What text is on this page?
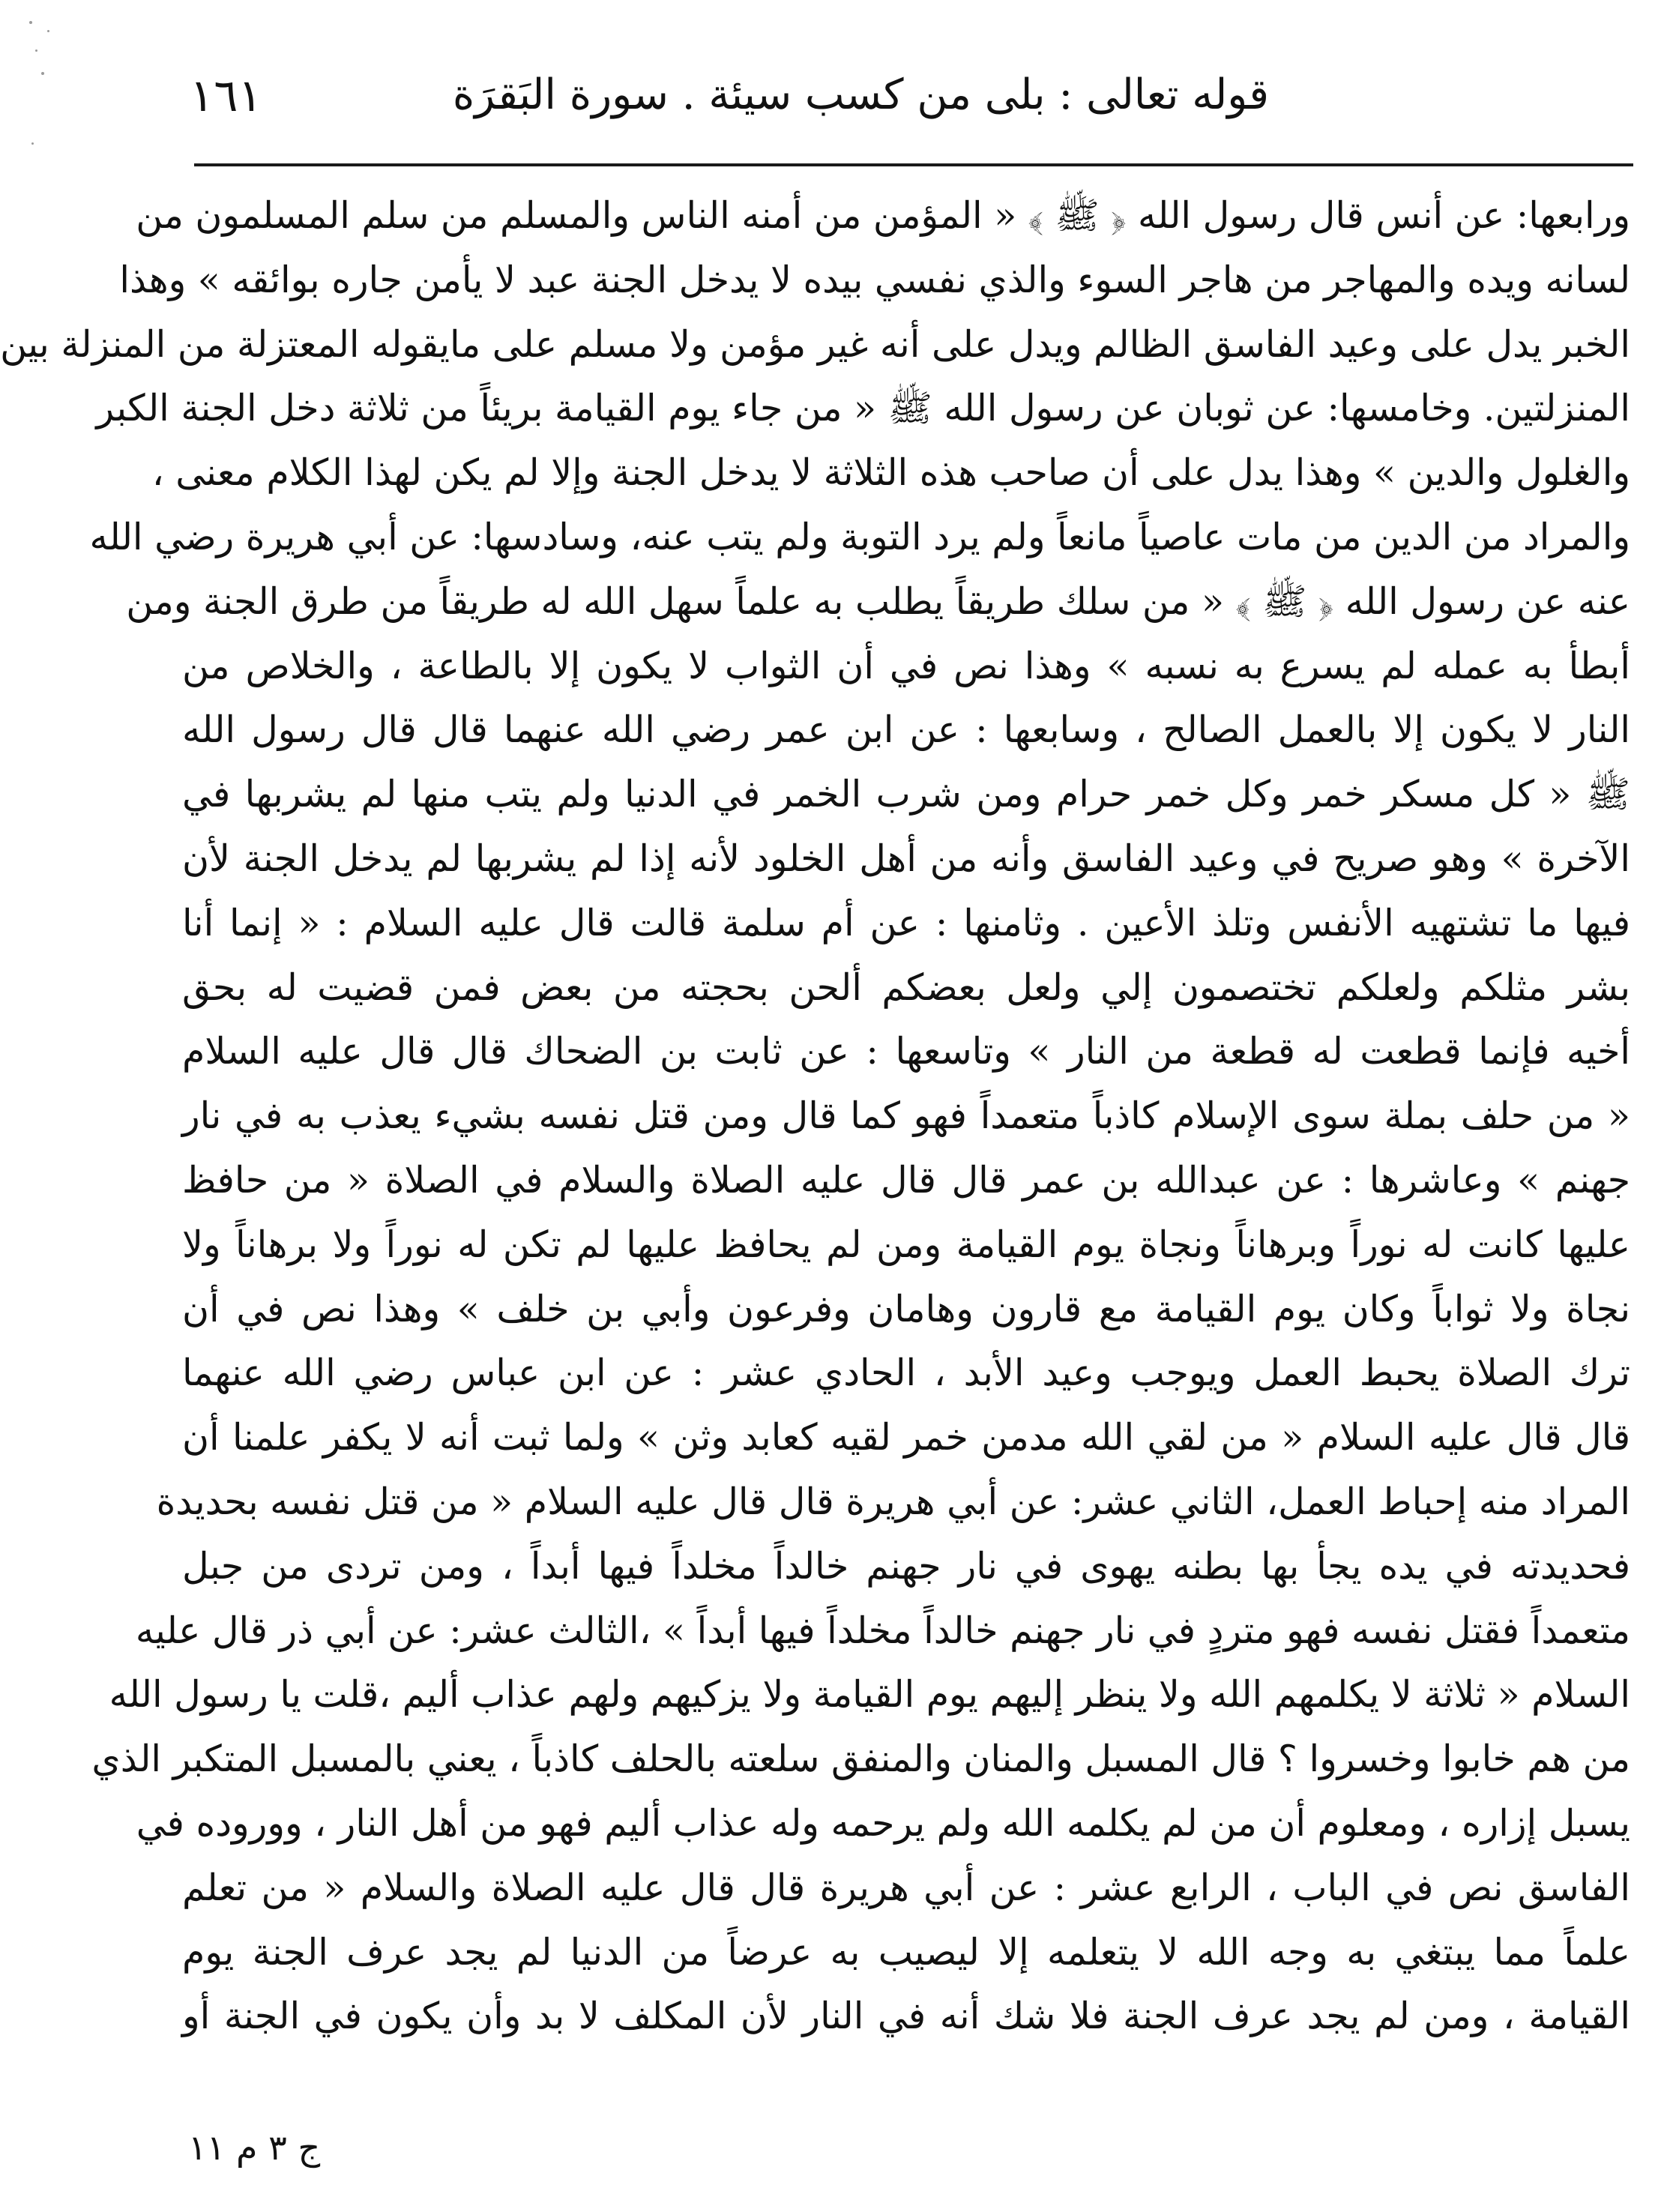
١٦١	قوله تعالى : بلى من كسب سيئة . سورة البَقرَة
ورابعها: عن أنس قال رسول الله ﴿ ﷺ ﴾ « المؤمن من أمنه الناس والمسلم من سلم المسلمون من
لسانه ويده والمهاجر من هاجر السوء والذي نفسي بيده لا يدخل الجنة عبد لا يأمن جاره بوائقه » وهذا
الخبر يدل على وعيد الفاسق الظالم ويدل على أنه غير مؤمن ولا مسلم على مايقوله المعتزلة من المنزلة بين
المنزلتين. وخامسها: عن ثوبان عن رسول الله ﷺ « من جاء يوم القيامة بريئاً من ثلاثة دخل الجنة الكبر
والغلول والدين » وهذا يدل على أن صاحب هذه الثلاثة لا يدخل الجنة وإلا لم يكن لهذا الكلام معنى ،
والمراد من الدين من مات عاصياً مانعاً ولم يرد التوبة ولم يتب عنه، وسادسها: عن أبي هريرة رضي الله
عنه عن رسول الله ﴿ ﷺ ﴾ « من سلك طريقاً يطلب به علماً سهل الله له طريقاً من طرق الجنة ومن
أبطأ به عمله لم يسرع به نسبه » وهذا نص في أن الثواب لا يكون إلا بالطاعة ، والخلاص من
النار لا يكون إلا بالعمل الصالح ، وسابعها : عن ابن عمر رضي الله عنهما قال قال رسول الله
ﷺ « كل مسكر خمر وكل خمر حرام ومن شرب الخمر في الدنيا ولم يتب منها لم يشربها في
الآخرة » وهو صريح في وعيد الفاسق وأنه من أهل الخلود لأنه إذا لم يشربها لم يدخل الجنة لأن
فيها ما تشتهيه الأنفس وتلذ الأعين . وثامنها : عن أم سلمة قالت قال عليه السلام : « إنما أنا
بشر مثلكم ولعلكم تختصمون إلي ولعل بعضكم ألحن بحجته من بعض فمن قضيت له بحق
أخيه فإنما قطعت له قطعة من النار » وتاسعها : عن ثابت بن الضحاك قال قال عليه السلام
« من حلف بملة سوى الإسلام كاذباً متعمداً فهو كما قال ومن قتل نفسه بشيء يعذب به في نار
جهنم » وعاشرها : عن عبدالله بن عمر قال قال عليه الصلاة والسلام في الصلاة « من حافظ
عليها كانت له نوراً وبرهاناً ونجاة يوم القيامة ومن لم يحافظ عليها لم تكن له نوراً ولا برهاناً ولا
نجاة ولا ثواباً وكان يوم القيامة مع قارون وهامان وفرعون وأبي بن خلف » وهذا نص في أن
ترك الصلاة يحبط العمل ويوجب وعيد الأبد ، الحادي عشر : عن ابن عباس رضي الله عنهما
قال قال عليه السلام « من لقي الله مدمن خمر لقيه كعابد وثن » ولما ثبت أنه لا يكفر علمنا أن
المراد منه إحباط العمل، الثاني عشر: عن أبي هريرة قال قال عليه السلام « من قتل نفسه بحديدة
فحديدته في يده يجأ بها بطنه يهوى في نار جهنم خالداً مخلداً فيها أبداً ، ومن تردى من جبل
متعمداً فقتل نفسه فهو متردٍ في نار جهنم خالداً مخلداً فيها أبداً » ،الثالث عشر: عن أبي ذر قال عليه
السلام « ثلاثة لا يكلمهم الله ولا ينظر إليهم يوم القيامة ولا يزكيهم ولهم عذاب أليم ،قلت يا رسول الله
من هم خابوا وخسروا ؟ قال المسبل والمنان والمنفق سلعته بالحلف كاذباً ، يعني بالمسبل المتكبر الذي
يسبل إزاره ، ومعلوم أن من لم يكلمه الله ولم يرحمه وله عذاب أليم فهو من أهل النار ، ووروده في
الفاسق نص في الباب ، الرابع عشر : عن أبي هريرة قال قال عليه الصلاة والسلام « من تعلم
علماً مما يبتغي به وجه الله لا يتعلمه إلا ليصيب به عرضاً من الدنيا لم يجد عرف الجنة يوم
القيامة ، ومن لم يجد عرف الجنة فلا شك أنه في النار لأن المكلف لا بد وأن يكون في الجنة أو
ج ٣ م ١١
